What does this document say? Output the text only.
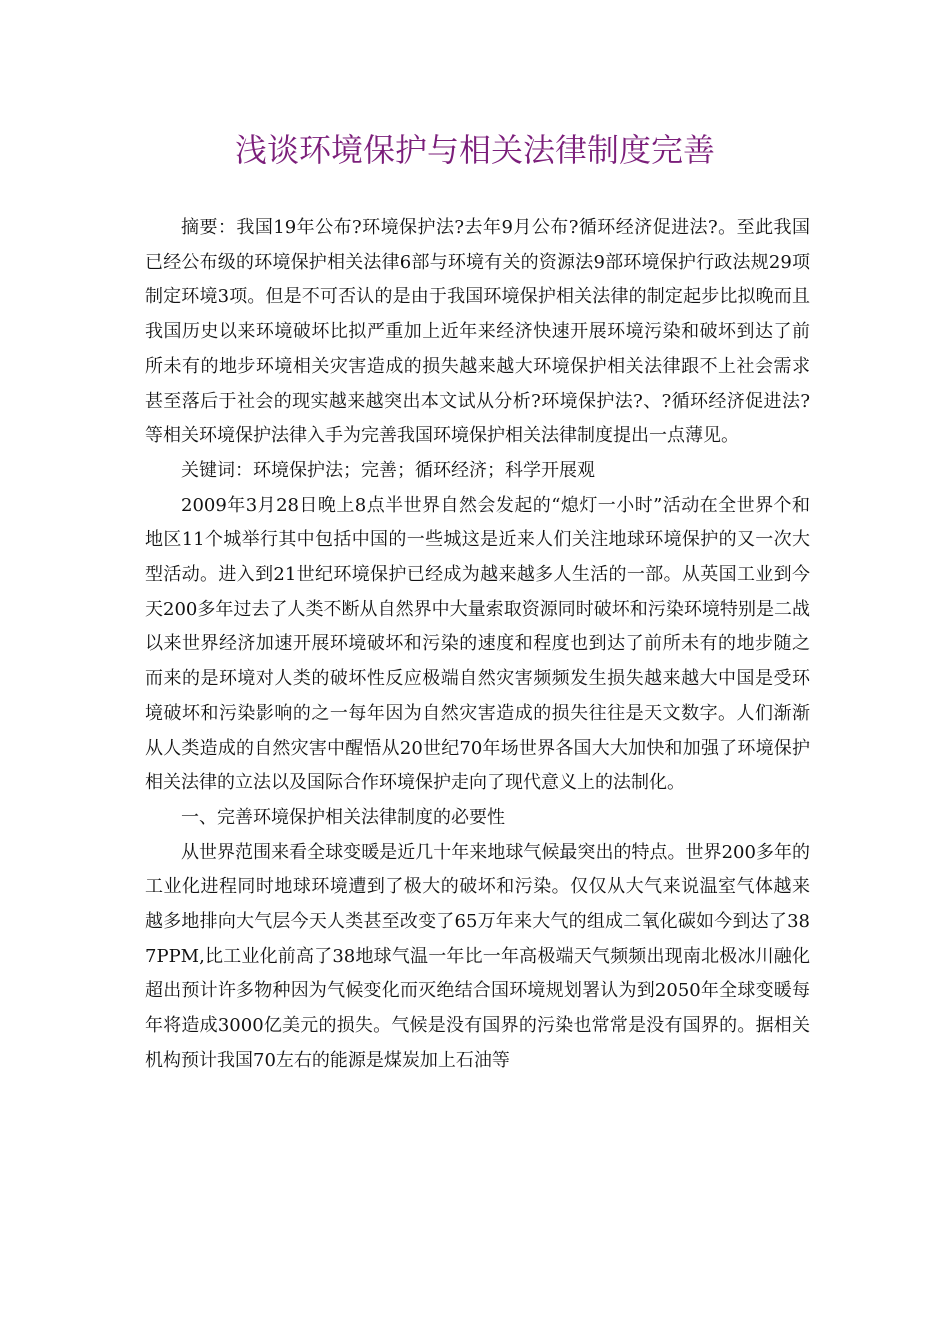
浅谈环境保护与相关法律制度完善

摘要：我国19年公布?环境保护法?去年9月公布?循环经济促进法?。至此我国已经公布级的环境保护相关法律6部与环境有关的资源法9部环境保护行政法规29项制定环境3项。但是不可否认的是由于我国环境保护相关法律的制定起步比拟晚而且我国历史以来环境破坏比拟严重加上近年来经济快速开展环境污染和破坏到达了前所未有的地步环境相关灾害造成的损失越来越大环境保护相关法律跟不上社会需求甚至落后于社会的现实越来越突出本文试从分析?环境保护法?、?循环经济促进法?等相关环境保护法律入手为完善我国环境保护相关法律制度提出一点薄见。

关键词：环境保护法；完善；循环经济；科学开展观

2009年3月28日晚上8点半世界自然会发起的“熄灯一小时”活动在全世界个和地区11个城举行其中包括中国的一些城这是近来人们关注地球环境保护的又一次大型活动。进入到21世纪环境保护已经成为越来越多人生活的一部。从英国工业到今天200多年过去了人类不断从自然界中大量索取资源同时破坏和污染环境特别是二战以来世界经济加速开展环境破坏和污染的速度和程度也到达了前所未有的地步随之而来的是环境对人类的破坏性反应极端自然灾害频频发生损失越来越大中国是受环境破坏和污染影响的之一每年因为自然灾害造成的损失往往是天文数字。人们渐渐从人类造成的自然灾害中醒悟从20世纪70年场世界各国大大加快和加强了环境保护相关法律的立法以及国际合作环境保护走向了现代意义上的法制化。

一、完善环境保护相关法律制度的必要性

从世界范围来看全球变暖是近几十年来地球气候最突出的特点。世界200多年的工业化进程同时地球环境遭到了极大的破坏和污染。仅仅从大气来说温室气体越来越多地排向大气层今天人类甚至改变了65万年来大气的组成二氧化碳如今到达了387PPM,比工业化前高了38地球气温一年比一年高极端天气频频出现南北极冰川融化超出预计许多物种因为气候变化而灭绝结合国环境规划署认为到2050年全球变暖每年将造成3000亿美元的损失。气候是没有国界的污染也常常是没有国界的。据相关机构预计我国70左右的能源是煤炭加上石油等
